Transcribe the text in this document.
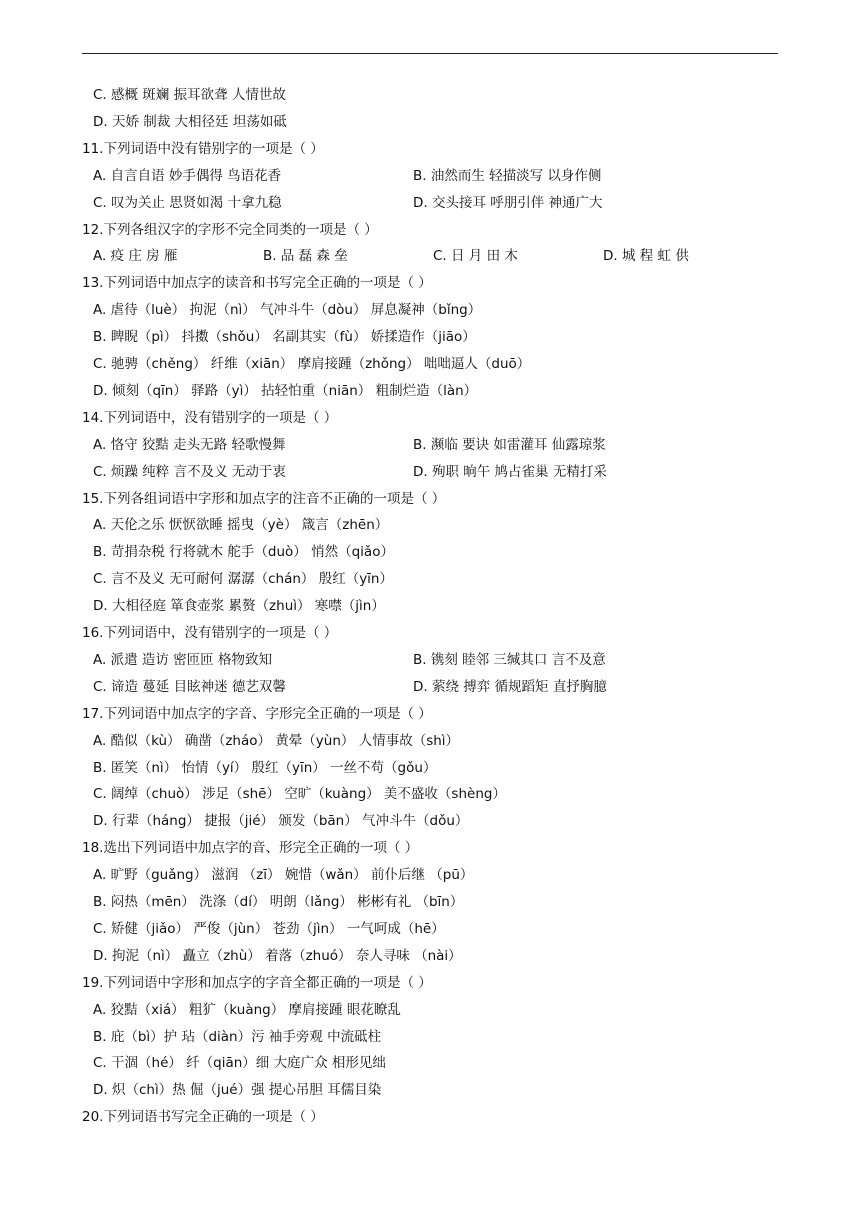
C. 感概 斑斓 振耳欲聋 人情世故
D. 天娇 制裁 大相径廷 坦荡如砥
11.下列词语中没有错别字的一项是（ ）
A. 自言自语 妙手偶得 鸟语花香	B. 油然而生 轻描淡写 以身作侧
C. 叹为关止 思贤如渴 十拿九稳	D. 交头接耳 呼朋引伴 神通广大
12.下列各组汉字的字形不完全同类的一项是（ ）
A. 疫 庄 房 雁	B. 品 磊 森 垒	C. 日 月 田 木	D. 城 程 虹 供
13.下列词语中加点字的读音和书写完全正确的一项是（ ）
A. 虐待（luè） 拘泥（nì） 气冲斗牛（dòu） 屏息凝神（bǐng）
B. 睥睨（pì） 抖擞（shǒu） 名副其实（fù） 娇揉造作（jiāo）
C. 驰骋（chěng） 纤维（xiān） 摩肩接踵（zhǒng） 咄咄逼人（duō）
D. 倾刻（qīn） 驿路（yì） 拈轻怕重（niān） 粗制烂造（làn）
14.下列词语中，没有错别字的一项是（ ）
A. 恪守 狡黠 走头无路 轻歌慢舞	B. 濒临 要诀 如雷灌耳 仙露琼浆
C. 烦躁 纯粹 言不及义 无动于衷	D. 殉职 晌午 鸠占雀巢 无精打采
15.下列各组词语中字形和加点字的注音不正确的一项是（ ）
A. 天伦之乐 恹恹欲睡 摇曳（yè） 箴言（zhēn）
B. 苛捐杂税 行将就木 舵手（duò） 悄然（qiǎo）
C. 言不及义 无可耐何 潺潺（chán） 殷红（yīn）
D. 大相径庭 箪食壶浆 累赘（zhuì） 寒噤（jìn）
16.下列词语中，没有错别字的一项是（ ）
A. 派遣 造访 密匝匝 格物致知	B. 镌刻 睦邻 三缄其口 言不及意
C. 谛造 蔓延 目眩神迷 德艺双馨	D. 萦绕 搏弈 循规蹈矩 直抒胸臆
17.下列词语中加点字的字音、字形完全正确的一项是（ ）
A. 酷似（kù） 确凿（zháo） 黄晕（yùn） 人情事故（shì）
B. 匿笑（nì） 怡情（yí） 殷红（yīn） 一丝不苟（gǒu）
C. 阔绰（chuò） 涉足（shē） 空旷（kuàng） 美不盛收（shèng）
D. 行辈（háng） 捷报（jié） 颁发（bān） 气冲斗牛（dǒu）
18.选出下列词语中加点字的音、形完全正确的一项（ ）
A. 旷野（guǎng） 滋润 （zī） 婉惜（wǎn） 前仆后继 （pū）
B. 闷热（mēn） 洗涤（dí） 明朗（lǎng） 彬彬有礼 （bīn）
C. 矫健（jiǎo） 严俊（jùn） 苍劲（jìn） 一气呵成（hē）
D. 拘泥（nì） 矗立（zhù） 着落（zhuó） 奈人寻味 （nài）
19.下列词语中字形和加点字的字音全都正确的一项是（ ）
A. 狡黠（xiá） 粗犷（kuàng） 摩肩接踵 眼花瞭乱
B. 庇（bì）护 玷（diàn）污 袖手旁观 中流砥柱
C. 干涸（hé） 纤（qiān）细 大庭广众 相形见绌
D. 炽（chì）热 倔（jué）强 提心吊胆 耳儒目染
20.下列词语书写完全正确的一项是（ ）
